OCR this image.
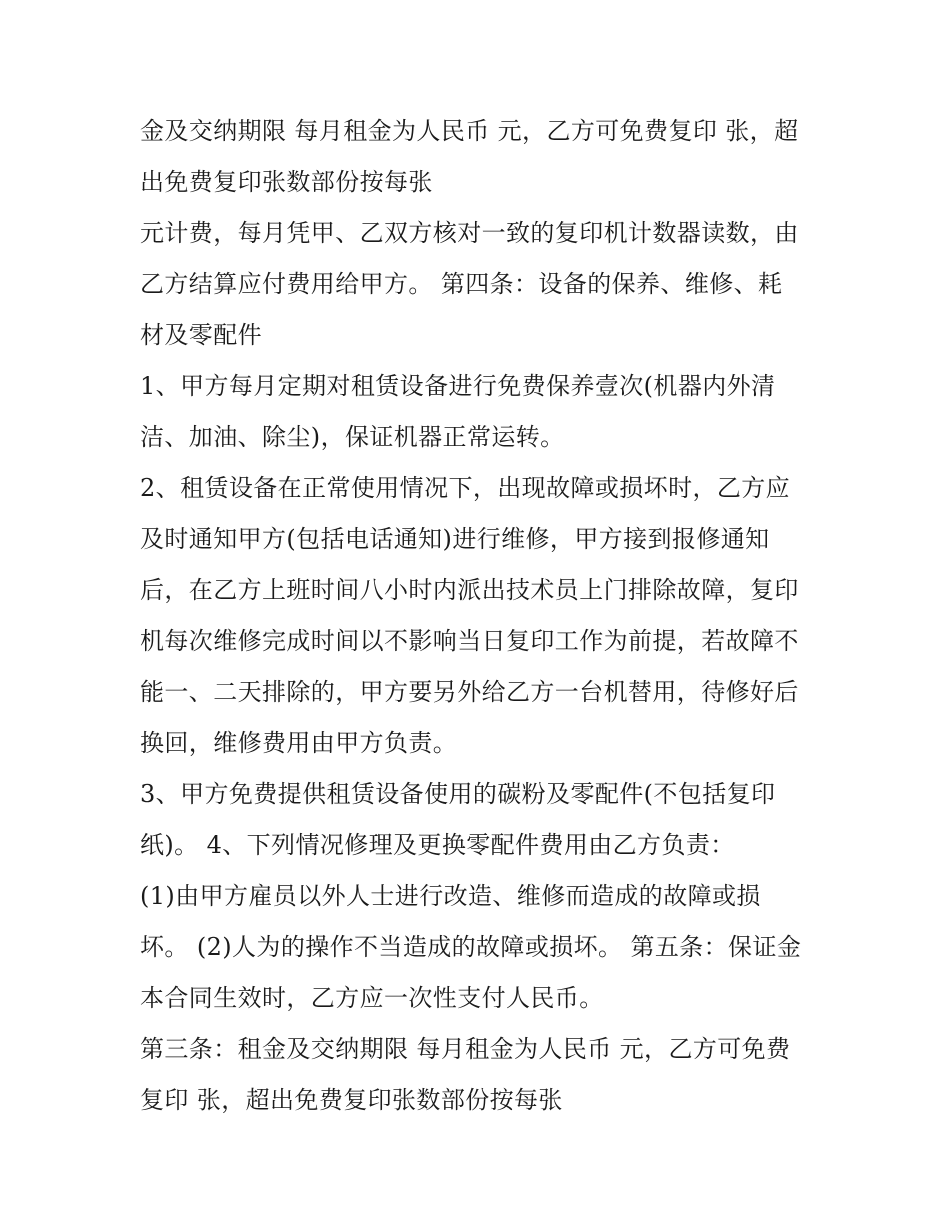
金及交纳期限 每月租金为人民币 元，乙方可免费复印 张，超
出免费复印张数部份按每张
元计费，每月凭甲、乙双方核对一致的复印机计数器读数，由
乙方结算应付费用给甲方。 第四条：设备的保养、维修、耗
材及零配件
1、甲方每月定期对租赁设备进行免费保养壹次(机器内外清
洁、加油、除尘)，保证机器正常运转。
2、租赁设备在正常使用情况下，出现故障或损坏时，乙方应
及时通知甲方(包括电话通知)进行维修，甲方接到报修通知
后，在乙方上班时间八小时内派出技术员上门排除故障，复印
机每次维修完成时间以不影响当日复印工作为前提，若故障不
能一、二天排除的，甲方要另外给乙方一台机替用，待修好后
换回，维修费用由甲方负责。
3、甲方免费提供租赁设备使用的碳粉及零配件(不包括复印
纸)。 4、下列情况修理及更换零配件费用由乙方负责：
(1)由甲方雇员以外人士进行改造、维修而造成的故障或损
坏。 (2)人为的操作不当造成的故障或损坏。 第五条：保证金
本合同生效时，乙方应一次性支付人民币。
第三条：租金及交纳期限 每月租金为人民币 元，乙方可免费
复印 张，超出免费复印张数部份按每张
